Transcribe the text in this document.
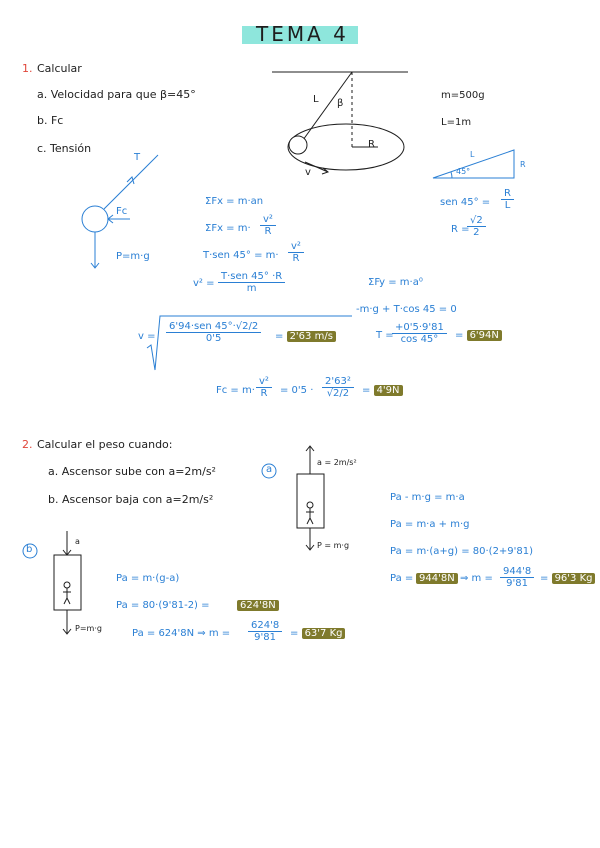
TEMA 4
1. Calcular
a. Velocidad para que β=45°
b. Fc
c. Tensión
m=500g
L=1m
L β
R
v
L
R
45°
sen $45^\circ = \frac{R}{L}$
R =
$\frac{√2}{2}$
T
Fc
P=m·g
ΣFx = m·an
$\Sigma Fx = m\cdot \frac{\text{v²}}{R}$
T·sen $45^\circ = m\cdot \frac{\text{v²}}{R}$
v² =
T·sen 45° ·R
m
ΣFy = m·a⁰
-m·g + T·cos 45 = 0
T =
$\frac{+0'5\cdot 9'81}{\cos 45^\circ} = 6'94N$
v =
6'94·sen 45°·√2/2
0'5	= 2'63 m/s
$Fc = m\cdot \frac{\text{v²}}{R} = 0'5 \cdot \frac{\text{2'63²}}{√2/2} = 4'9N$
2. Calcular el peso cuando:
a. Ascensor sube con a=2m/s²
b. Ascensor baja con a=2m/s²
a
b
a = 2m/s²
P = m·g
a
P=m·g
Pa - m·g = m·a
Pa = m·a + m·g
Pa = m·(a+g) = 80·(2+9'81)
Pa = 944'8N ⇒ $m = \frac{944'8}{9'81} = 96'3$ Kg
Pa = m·(g-a)
Pa = 80·(9'81-2) =	624'8N
Pa = 624'8N ⇒ $m = \frac{624'8}{9'81} = 63'7$ Kg
